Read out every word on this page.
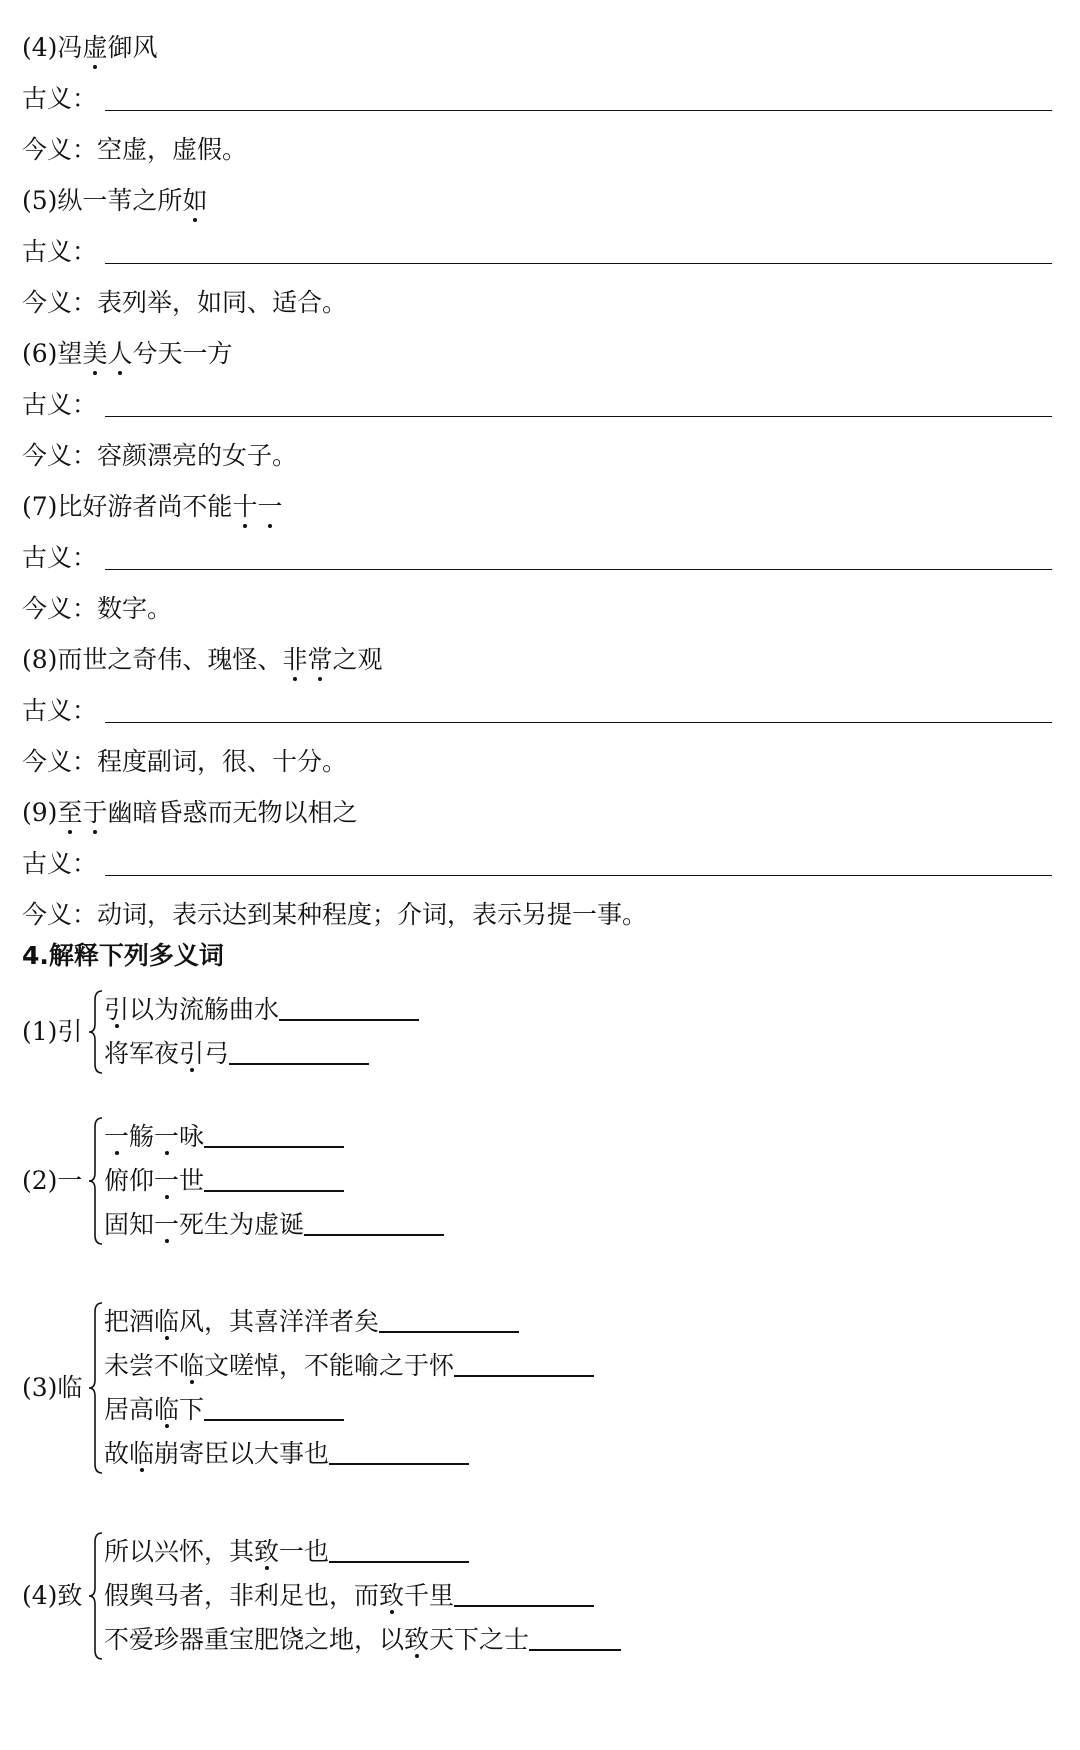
(4)冯虚御风
古义：
今义：空虚，虚假。
(5)纵一苇之所如
古义：
今义：表列举，如同、适合。
(6)望美人兮天一方
古义：
今义：容颜漂亮的女子。
(7)比好游者尚不能十一
古义：
今义：数字。
(8)而世之奇伟、瑰怪、非常之观
古义：
今义：程度副词，很、十分。
(9)至于幽暗昏惑而无物以相之
古义：
今义：动词，表示达到某种程度；介词，表示另提一事。
4.解释下列多义词
(1)引
引以为流觞曲水
将军夜引弓
(2)一
一觞一咏
俯仰一世
固知一死生为虚诞
(3)临
把酒临风，其喜洋洋者矣
未尝不临文嗟悼，不能喻之于怀
居高临下
故临崩寄臣以大事也
(4)致
所以兴怀，其致一也
假舆马者，非利足也，而致千里
不爱珍器重宝肥饶之地，以致天下之士
